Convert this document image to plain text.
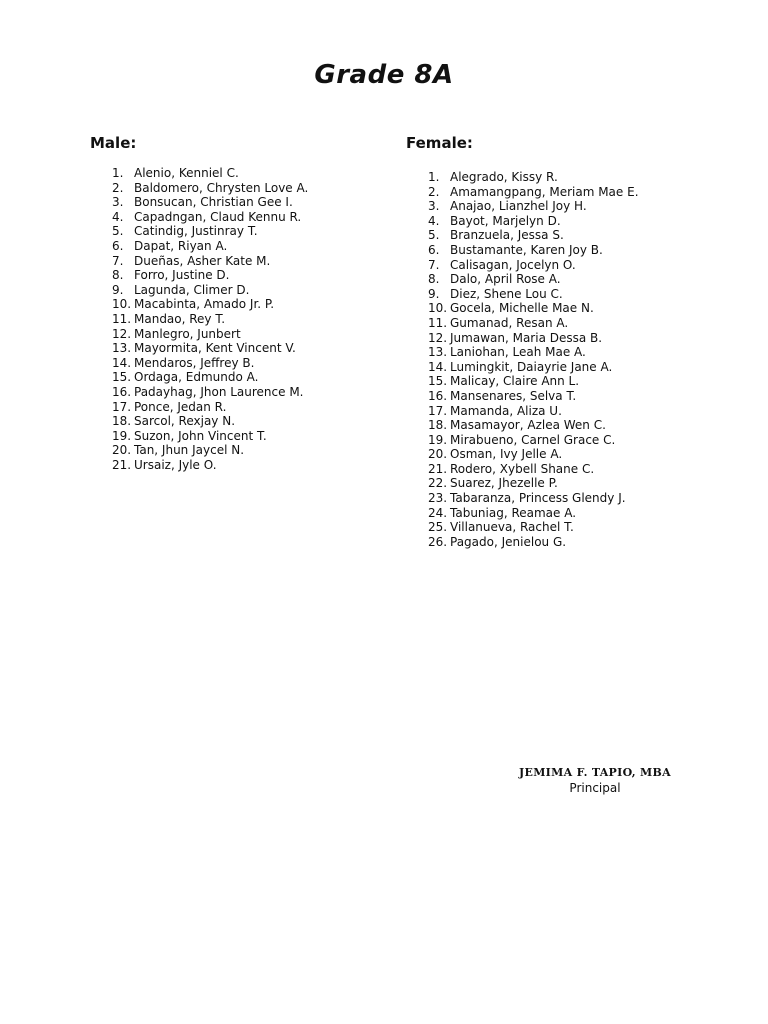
Grade 8A
Male:
1. Alenio, Kenniel C.
2. Baldomero, Chrysten Love A.
3. Bonsucan, Christian Gee I.
4. Capadngan, Claud Kennu R.
5. Catindig, Justinray T.
6. Dapat, Riyan A.
7. Dueñas, Asher Kate M.
8. Forro, Justine D.
9. Lagunda, Climer D.
10. Macabinta, Amado Jr. P.
11. Mandao, Rey T.
12. Manlegro, Junbert
13. Mayormita, Kent Vincent V.
14. Mendaros, Jeffrey B.
15. Ordaga, Edmundo A.
16. Padayhag, Jhon Laurence M.
17. Ponce, Jedan R.
18. Sarcol, Rexjay N.
19. Suzon, John Vincent T.
20. Tan, Jhun Jaycel N.
21. Ursaiz, Jyle O.
Female:
1. Alegrado, Kissy R.
2. Amamangpang, Meriam Mae E.
3. Anajao, Lianzhel Joy H.
4. Bayot, Marjelyn D.
5. Branzuela, Jessa S.
6. Bustamante, Karen Joy B.
7. Calisagan, Jocelyn O.
8. Dalo, April Rose A.
9. Diez, Shene Lou C.
10. Gocela, Michelle Mae N.
11. Gumanad, Resan A.
12. Jumawan, Maria Dessa B.
13. Laniohan, Leah Mae A.
14. Lumingkit, Daiayrie Jane A.
15. Malicay, Claire Ann L.
16. Mansenares, Selva T.
17. Mamanda, Aliza U.
18. Masamayor, Azlea Wen C.
19. Mirabueno, Carnel Grace C.
20. Osman, Ivy Jelle A.
21. Rodero, Xybell Shane C.
22. Suarez, Jhezelle P.
23. Tabaranza, Princess Glendy J.
24. Tabuniag, Reamae A.
25. Villanueva, Rachel T.
26. Pagado, Jenielou G.
JEMIMA F. TAPIO, MBA
Principal
